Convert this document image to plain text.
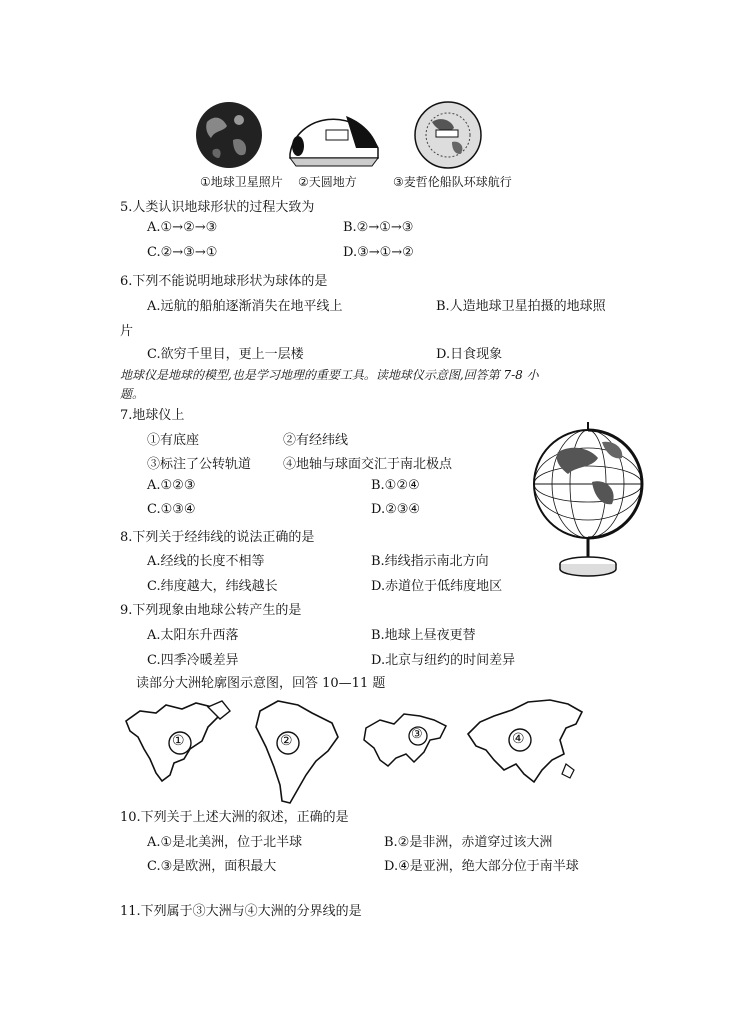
①地球卫星照片 ②天圆地方	③麦哲伦船队环球航行
5.人类认识地球形状的过程大致为
A.①→②→③	B.②→①→③
C.②→③→①	D.③→①→②
6.下列不能说明地球形状为球体的是
A.远航的船舶逐渐消失在地平线上	B.人造地球卫星拍摄的地球照
片
C.欲穷千里目，更上一层楼	D.日食现象
地球仪是地球的模型,也是学习地理的重要工具。读地球仪示意图,回答第 7-8 小
题。
7.地球仪上
①有底座	②有经纬线
③标注了公转轨道 ④地轴与球面交汇于南北极点
A.①②③	B.①②④
C.①③④	D.②③④
8.下列关于经纬线的说法正确的是
A.经线的长度不相等	B.纬线指示南北方向
C.纬度越大，纬线越长	D.赤道位于低纬度地区
9.下列现象由地球公转产生的是
A.太阳东升西落	B.地球上昼夜更替
C.四季冷暖差异	D.北京与纽约的时间差异
读部分大洲轮廓图示意图，回答 10—11 题
①	②	③	④
10.下列关于上述大洲的叙述，正确的是
A.①是北美洲，位于北半球	B.②是非洲，赤道穿过该大洲
C.③是欧洲，面积最大	D.④是亚洲，绝大部分位于南半球
11.下列属于③大洲与④大洲的分界线的是
